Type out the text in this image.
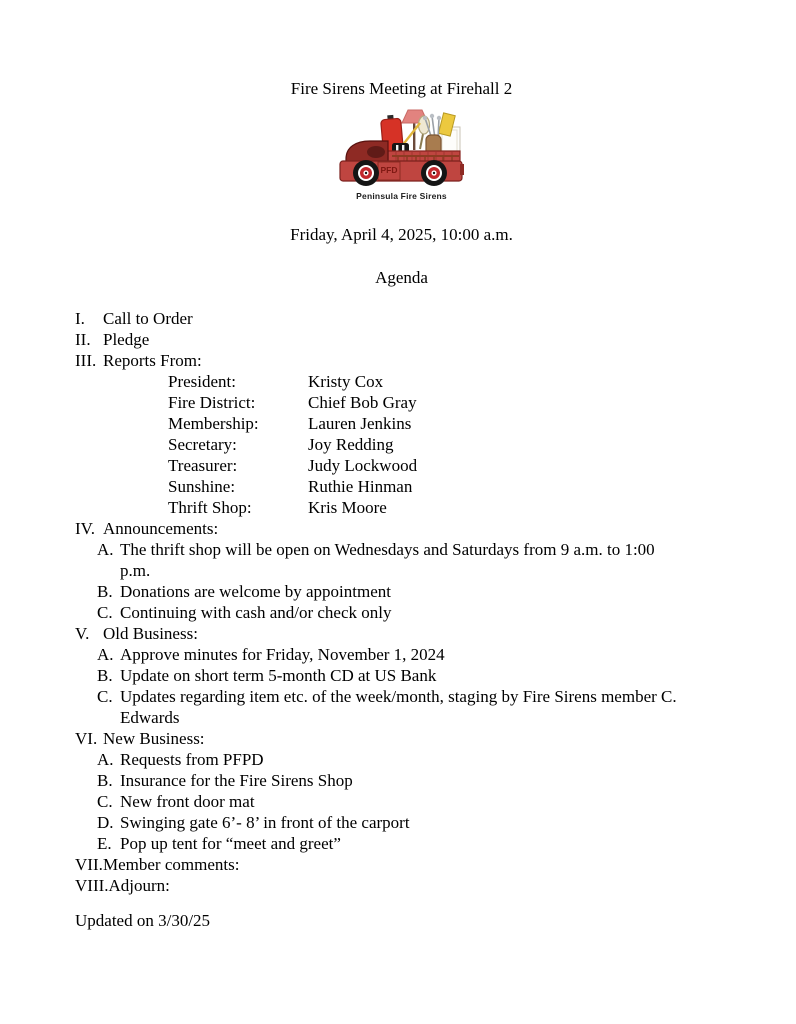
Fire Sirens Meeting at Firehall 2
PFD
Peninsula Fire Sirens
Friday, April 4, 2025, 10:00 a.m.
Agenda
I.	Call to Order
II. Pledge
III. Reports From:
President:	Kristy Cox
Fire District:	Chief Bob Gray
Membership:	Lauren Jenkins
Secretary:	Joy Redding
Treasurer:	Judy Lockwood
Sunshine:	Ruthie Hinman
Thrift Shop:	Kris Moore
IV. Announcements:
A. The thrift shop will be open on Wednesdays and Saturdays from 9 a.m. to 1:00
p.m.
B. Donations are welcome by appointment
C. Continuing with cash and/or check only
V. Old Business:
A. Approve minutes for Friday, November 1, 2024
B. Update on short term 5-month CD at US Bank
C. Updates regarding item etc. of the week/month, staging by Fire Sirens member C.
Edwards
VI. New Business:
A. Requests from PFPD
B. Insurance for the Fire Sirens Shop
C. New front door mat
D. Swinging gate 6’- 8’ in front of the carport
E. Pop up tent for “meet and greet”
VII. Member comments:
VIII. Adjourn:
Updated on 3/30/25
